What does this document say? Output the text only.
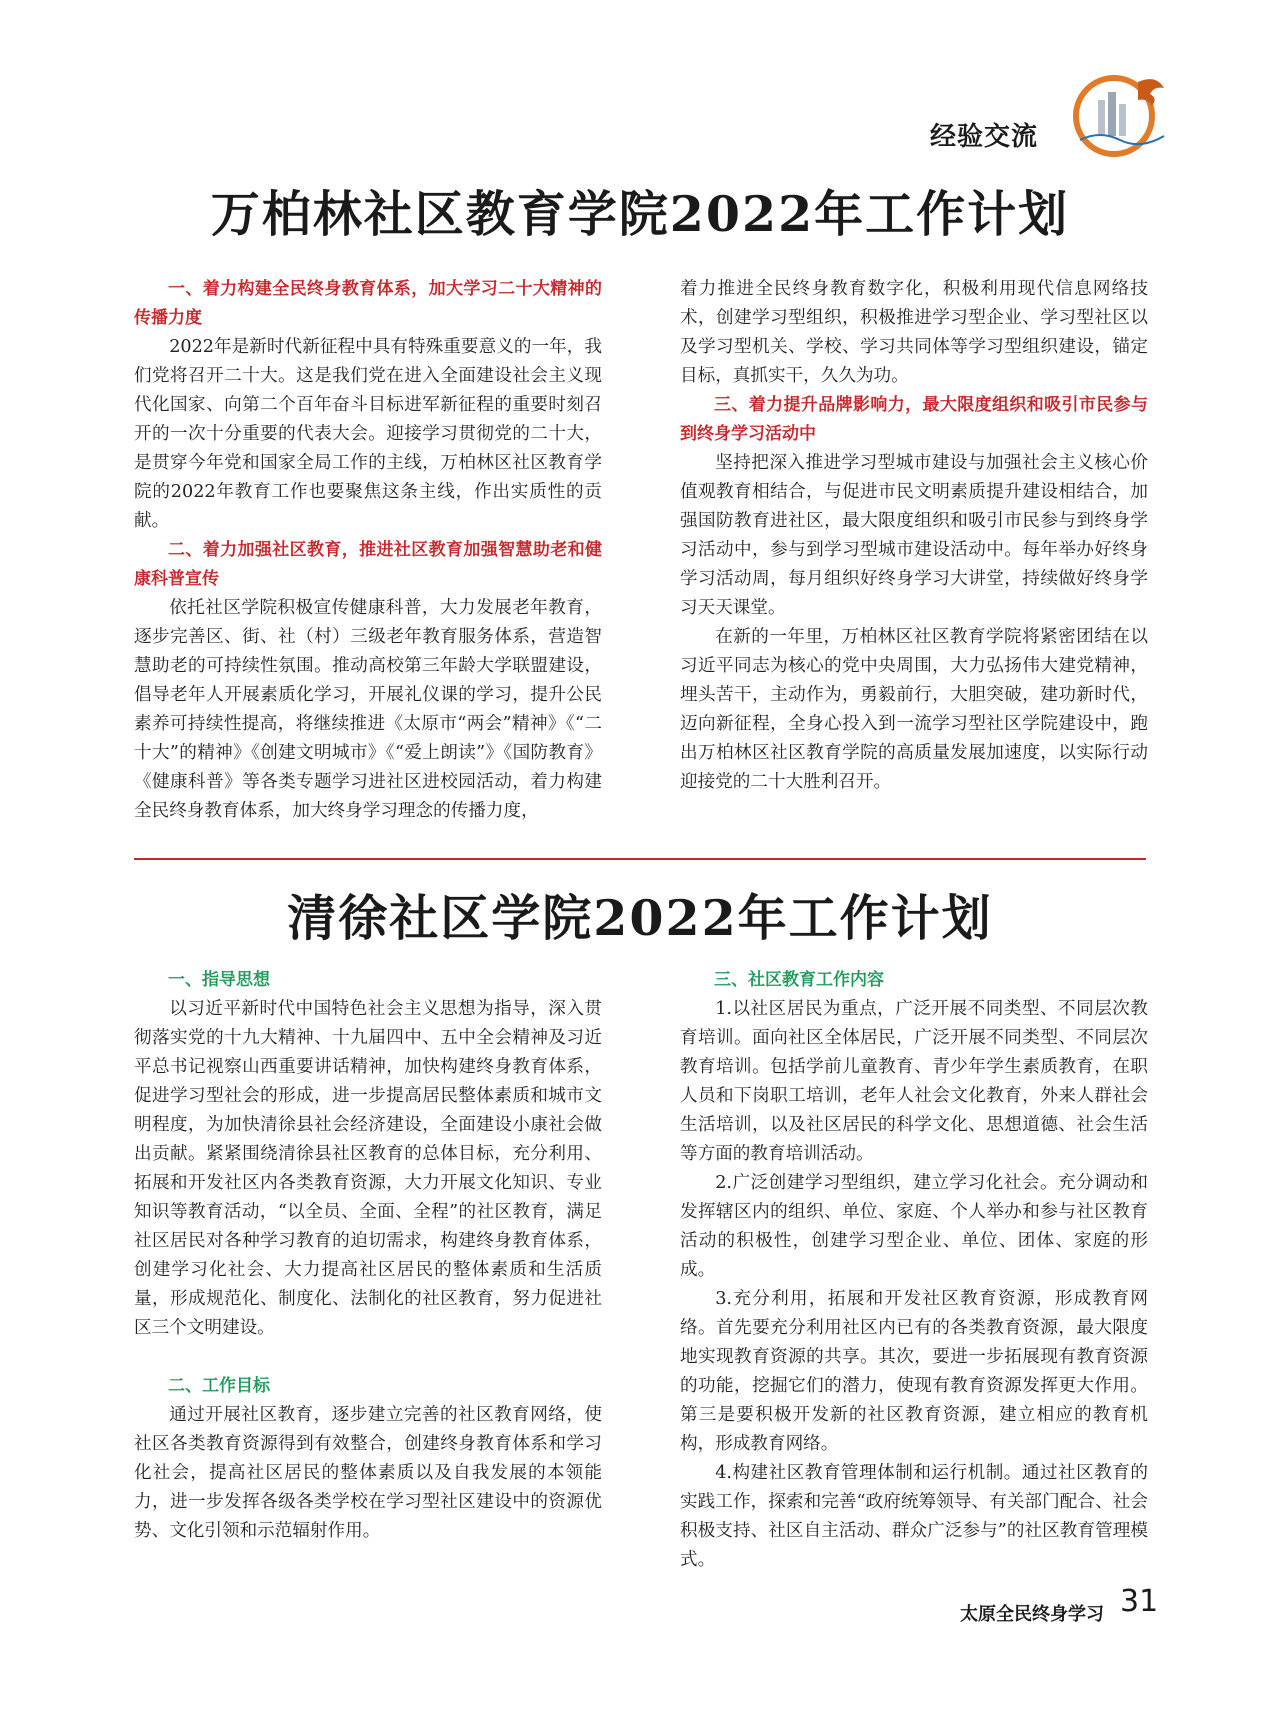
经验交流
万柏林社区教育学院2022年工作计划
一、着力构建全民终身教育体系，加大学习二十大精神的传播力度

2022年是新时代新征程中具有特殊重要意义的一年，我们党将召开二十大。这是我们党在进入全面建设社会主义现代化国家、向第二个百年奋斗目标进军新征程的重要时刻召开的一次十分重要的代表大会。迎接学习贯彻党的二十大，是贯穿今年党和国家全局工作的主线，万柏林区社区教育学院的2022年教育工作也要聚焦这条主线，作出实质性的贡献。

二、着力加强社区教育，推进社区教育加强智慧助老和健康科普宣传

依托社区学院积极宣传健康科普，大力发展老年教育，逐步完善区、街、社（村）三级老年教育服务体系，营造智慧助老的可持续性氛围。推动高校第三年龄大学联盟建设，倡导老年人开展素质化学习，开展礼仪课的学习，提升公民素养可持续性提高，将继续推进《太原市“两会”精神》《“二十大”的精神》《创建文明城市》《“爱上朗读”》《国防教育》《健康科普》等各类专题学习进社区进校园活动，着力构建全民终身教育体系，加大终身学习理念的传播力度，

着力推进全民终身教育数字化，积极利用现代信息网络技术，创建学习型组织，积极推进学习型企业、学习型社区以及学习型机关、学校、学习共同体等学习型组织建设，锚定目标，真抓实干，久久为功。

三、着力提升品牌影响力，最大限度组织和吸引市民参与到终身学习活动中

坚持把深入推进学习型城市建设与加强社会主义核心价值观教育相结合，与促进市民文明素质提升建设相结合，加强国防教育进社区，最大限度组织和吸引市民参与到终身学习活动中，参与到学习型城市建设活动中。每年举办好终身学习活动周，每月组织好终身学习大讲堂，持续做好终身学习天天课堂。

在新的一年里，万柏林区社区教育学院将紧密团结在以习近平同志为核心的党中央周围，大力弘扬伟大建党精神，埋头苦干，主动作为，勇毅前行，大胆突破，建功新时代，迈向新征程，全身心投入到一流学习型社区学院建设中，跑出万柏林区社区教育学院的高质量发展加速度，以实际行动迎接党的二十大胜利召开。

清徐社区学院2022年工作计划
一、指导思想

以习近平新时代中国特色社会主义思想为指导，深入贯彻落实党的十九大精神、十九届四中、五中全会精神及习近平总书记视察山西重要讲话精神，加快构建终身教育体系，促进学习型社会的形成，进一步提高居民整体素质和城市文明程度，为加快清徐县社会经济建设，全面建设小康社会做出贡献。紧紧围绕清徐县社区教育的总体目标，充分利用、拓展和开发社区内各类教育资源，大力开展文化知识、专业知识等教育活动，“以全员、全面、全程”的社区教育，满足社区居民对各种学习教育的迫切需求，构建终身教育体系，创建学习化社会、大力提高社区居民的整体素质和生活质量，形成规范化、制度化、法制化的社区教育，努力促进社区三个文明建设。

二、工作目标

通过开展社区教育，逐步建立完善的社区教育网络，使社区各类教育资源得到有效整合，创建终身教育体系和学习化社会，提高社区居民的整体素质以及自我发展的本领能力，进一步发挥各级各类学校在学习型社区建设中的资源优势、文化引领和示范辐射作用。

三、社区教育工作内容

1.以社区居民为重点，广泛开展不同类型、不同层次教育培训。面向社区全体居民，广泛开展不同类型、不同层次教育培训。包括学前儿童教育、青少年学生素质教育，在职人员和下岗职工培训，老年人社会文化教育，外来人群社会生活培训，以及社区居民的科学文化、思想道德、社会生活等方面的教育培训活动。

2.广泛创建学习型组织，建立学习化社会。充分调动和发挥辖区内的组织、单位、家庭、个人举办和参与社区教育活动的积极性，创建学习型企业、单位、团体、家庭的形成。

3.充分利用，拓展和开发社区教育资源，形成教育网络。首先要充分利用社区内已有的各类教育资源，最大限度地实现教育资源的共享。其次，要进一步拓展现有教育资源的功能，挖掘它们的潜力，使现有教育资源发挥更大作用。第三是要积极开发新的社区教育资源，建立相应的教育机构，形成教育网络。

4.构建社区教育管理体制和运行机制。通过社区教育的实践工作，探索和完善“政府统筹领导、有关部门配合、社会积极支持、社区自主活动、群众广泛参与”的社区教育管理模式。

太原全民终身学习 31
